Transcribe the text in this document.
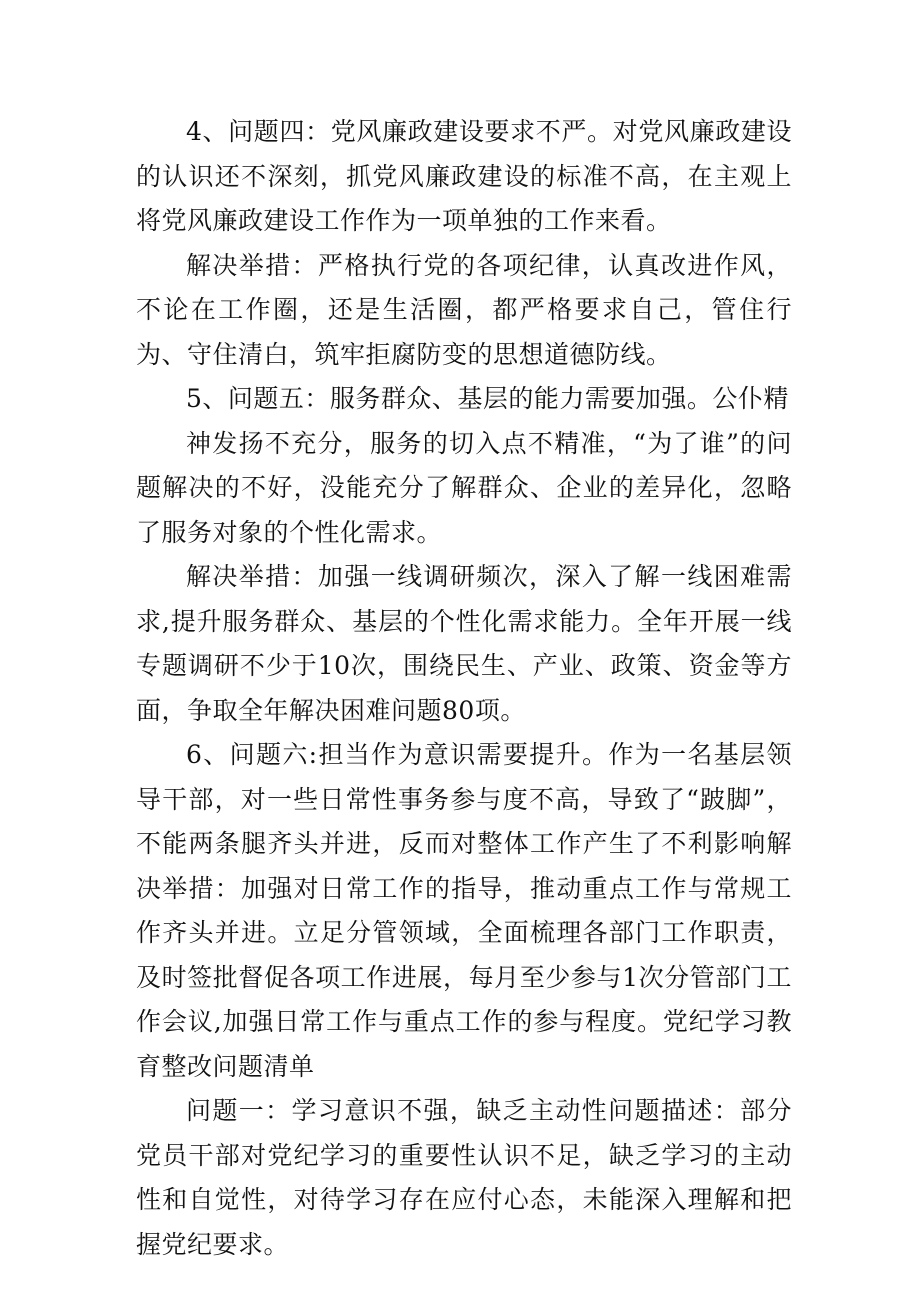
4、问题四：党风廉政建设要求不严。对党风廉政建设的认识还不深刻，抓党风廉政建设的标准不高，在主观上将党风廉政建设工作作为一项单独的工作来看。

解决举措：严格执行党的各项纪律，认真改进作风，不论在工作圈，还是生活圈，都严格要求自己，管住行为、守住清白，筑牢拒腐防变的思想道德防线。

5、问题五：服务群众、基层的能力需要加强。公仆精

神发扬不充分，服务的切入点不精准，“为了谁”的问题解决的不好，没能充分了解群众、企业的差异化，忽略了服务对象的个性化需求。

解决举措：加强一线调研频次，深入了解一线困难需求,提升服务群众、基层的个性化需求能力。全年开展一线专题调研不少于10次，围绕民生、产业、政策、资金等方面，争取全年解决困难问题80项。

6、问题六:担当作为意识需要提升。作为一名基层领导干部，对一些日常性事务参与度不高，导致了“跛脚”，不能两条腿齐头并进，反而对整体工作产生了不利影响解决举措：加强对日常工作的指导，推动重点工作与常规工作齐头并进。立足分管领域，全面梳理各部门工作职责，及时签批督促各项工作进展，每月至少参与1次分管部门工作会议,加强日常工作与重点工作的参与程度。党纪学习教育整改问题清单

问题一：学习意识不强，缺乏主动性问题描述：部分党员干部对党纪学习的重要性认识不足，缺乏学习的主动性和自觉性，对待学习存在应付心态，未能深入理解和把握党纪要求。
